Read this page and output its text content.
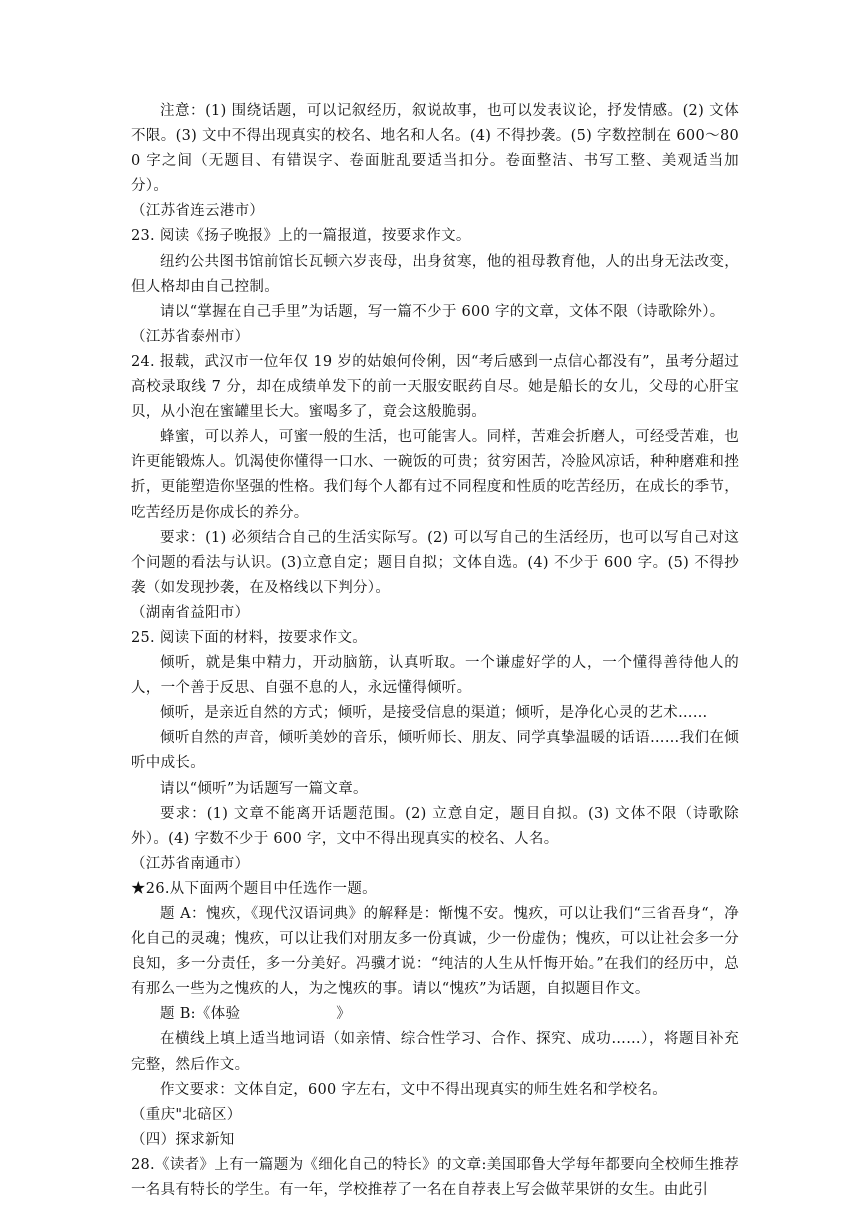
注意：(1) 围绕话题，可以记叙经历，叙说故事，也可以发表议论，抒发情感。(2) 文体不限。(3) 文中不得出现真实的校名、地名和人名。(4) 不得抄袭。(5) 字数控制在 600～800 字之间（无题目、有错误字、卷面脏乱要适当扣分。卷面整洁、书写工整、美观适当加分）。

（江苏省连云港市）

23. 阅读《扬子晚报》上的一篇报道，按要求作文。

纽约公共图书馆前馆长瓦顿六岁丧母，出身贫寒，他的祖母教育他，人的出身无法改变，但人格却由自己控制。

请以“掌握在自己手里”为话题，写一篇不少于 600 字的文章，文体不限（诗歌除外）。

（江苏省泰州市）

24. 报载，武汉市一位年仅 19 岁的姑娘何伶俐，因“考后感到一点信心都没有”，虽考分超过高校录取线 7 分，却在成绩单发下的前一天服安眠药自尽。她是船长的女儿，父母的心肝宝贝，从小泡在蜜罐里长大。蜜喝多了，竟会这般脆弱。

蜂蜜，可以养人，可蜜一般的生活，也可能害人。同样，苦难会折磨人，可经受苦难，也许更能锻炼人。饥渴使你懂得一口水、一碗饭的可贵；贫穷困苦，冷脸风凉话，种种磨难和挫折，更能塑造你坚强的性格。我们每个人都有过不同程度和性质的吃苦经历，在成长的季节，吃苦经历是你成长的养分。

要求：(1) 必须结合自己的生活实际写。(2) 可以写自己的生活经历，也可以写自己对这个问题的看法与认识。(3)立意自定；题目自拟；文体自选。(4) 不少于 600 字。(5) 不得抄袭（如发现抄袭，在及格线以下判分）。

（湖南省益阳市）

25. 阅读下面的材料，按要求作文。

倾听，就是集中精力，开动脑筋，认真听取。一个谦虚好学的人，一个懂得善待他人的人，一个善于反思、自强不息的人，永远懂得倾听。

倾听，是亲近自然的方式；倾听，是接受信息的渠道；倾听，是净化心灵的艺术……

倾听自然的声音，倾听美妙的音乐，倾听师长、朋友、同学真挚温暖的话语……我们在倾听中成长。

请以“倾听”为话题写一篇文章。

要求：(1) 文章不能离开话题范围。(2) 立意自定，题目自拟。(3) 文体不限（诗歌除外）。(4) 字数不少于 600 字，文中不得出现真实的校名、人名。

（江苏省南通市）

★26.从下面两个题目中任选作一题。

题 A：愧疚，《现代汉语词典》的解释是：惭愧不安。愧疚，可以让我们“三省吾身“，净化自己的灵魂；愧疚，可以让我们对朋友多一份真诚，少一份虚伪；愧疚，可以让社会多一分良知，多一分责任，多一分美好。冯骥才说：“纯洁的人生从忏悔开始。”在我们的经历中，总有那么一些为之愧疚的人，为之愧疚的事。请以“愧疚”为话题，自拟题目作文。

题 B:《体验	》

在横线上填上适当地词语（如亲情、综合性学习、合作、探究、成功……），将题目补充完整，然后作文。

作文要求：文体自定，600 字左右，文中不得出现真实的师生姓名和学校名。

（重庆"北碚区）

（四）探求新知

28.《读者》上有一篇题为《细化自己的特长》的文章:美国耶鲁大学每年都要向全校师生推荐一名具有特长的学生。有一年，学校推荐了一名在自荐表上写会做苹果饼的女生。由此引
